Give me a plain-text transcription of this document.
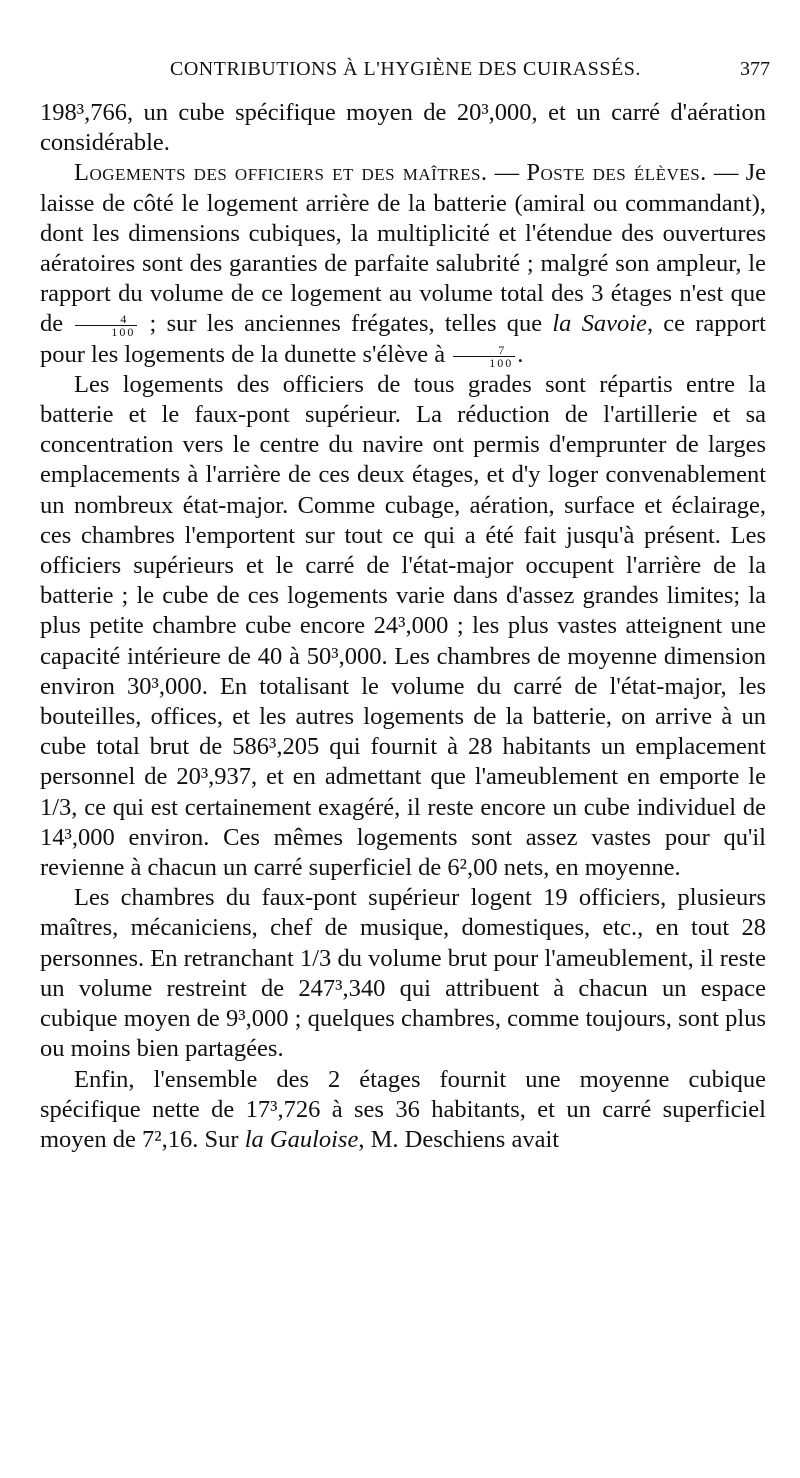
CONTRIBUTIONS À L'HYGIÈNE DES CUIRASSÉS.	377

198³,766, un cube spécifique moyen de 20³,000, et un carré d'aération considérable.

Logements des officiers et des maîtres. — Poste des élèves. — Je laisse de côté le logement arrière de la batterie (amiral ou commandant), dont les dimensions cubiques, la multiplicité et l'étendue des ouvertures aératoires sont des garanties de parfaite salubrité ; malgré son ampleur, le rapport du volume de ce logement au volume total des 3 étages n'est que de $\frac{4}{100}$ ; sur les anciennes frégates, telles que la Savoie, ce rapport pour les logements de la dunette s'élève à $\frac{7}{100}$ .

Les logements des officiers de tous grades sont répartis entre la batterie et le faux-pont supérieur. La réduction de l'artillerie et sa concentration vers le centre du navire ont permis d'emprunter de larges emplacements à l'arrière de ces deux étages, et d'y loger convenablement un nombreux état-major. Comme cubage, aération, surface et éclairage, ces chambres l'emportent sur tout ce qui a été fait jusqu'à présent. Les officiers supérieurs et le carré de l'état-major occupent l'arrière de la batterie ; le cube de ces logements varie dans d'assez grandes limites; la plus petite chambre cube encore 24³,000 ; les plus vastes atteignent une capacité intérieure de 40 à 50³,000. Les chambres de moyenne dimension environ 30³,000. En totalisant le volume du carré de l'état-major, les bouteilles, offices, et les autres logements de la batterie, on arrive à un cube total brut de 586³,205 qui fournit à 28 habitants un emplacement personnel de 20³,937, et en admettant que l'ameublement en emporte le 1/3, ce qui est certainement exagéré, il reste encore un cube individuel de 14³,000 environ. Ces mêmes logements sont assez vastes pour qu'il revienne à chacun un carré superficiel de 6²,00 nets, en moyenne.

Les chambres du faux-pont supérieur logent 19 officiers, plusieurs maîtres, mécaniciens, chef de musique, domestiques, etc., en tout 28 personnes. En retranchant 1/3 du volume brut pour l'ameublement, il reste un volume restreint de 247³,340 qui attribuent à chacun un espace cubique moyen de 9³,000 ; quelques chambres, comme toujours, sont plus ou moins bien partagées.

Enfin, l'ensemble des 2 étages fournit une moyenne cubique spécifique nette de 17³,726 à ses 36 habitants, et un carré superficiel moyen de 7²,16. Sur la Gauloise, M. Deschiens avait
